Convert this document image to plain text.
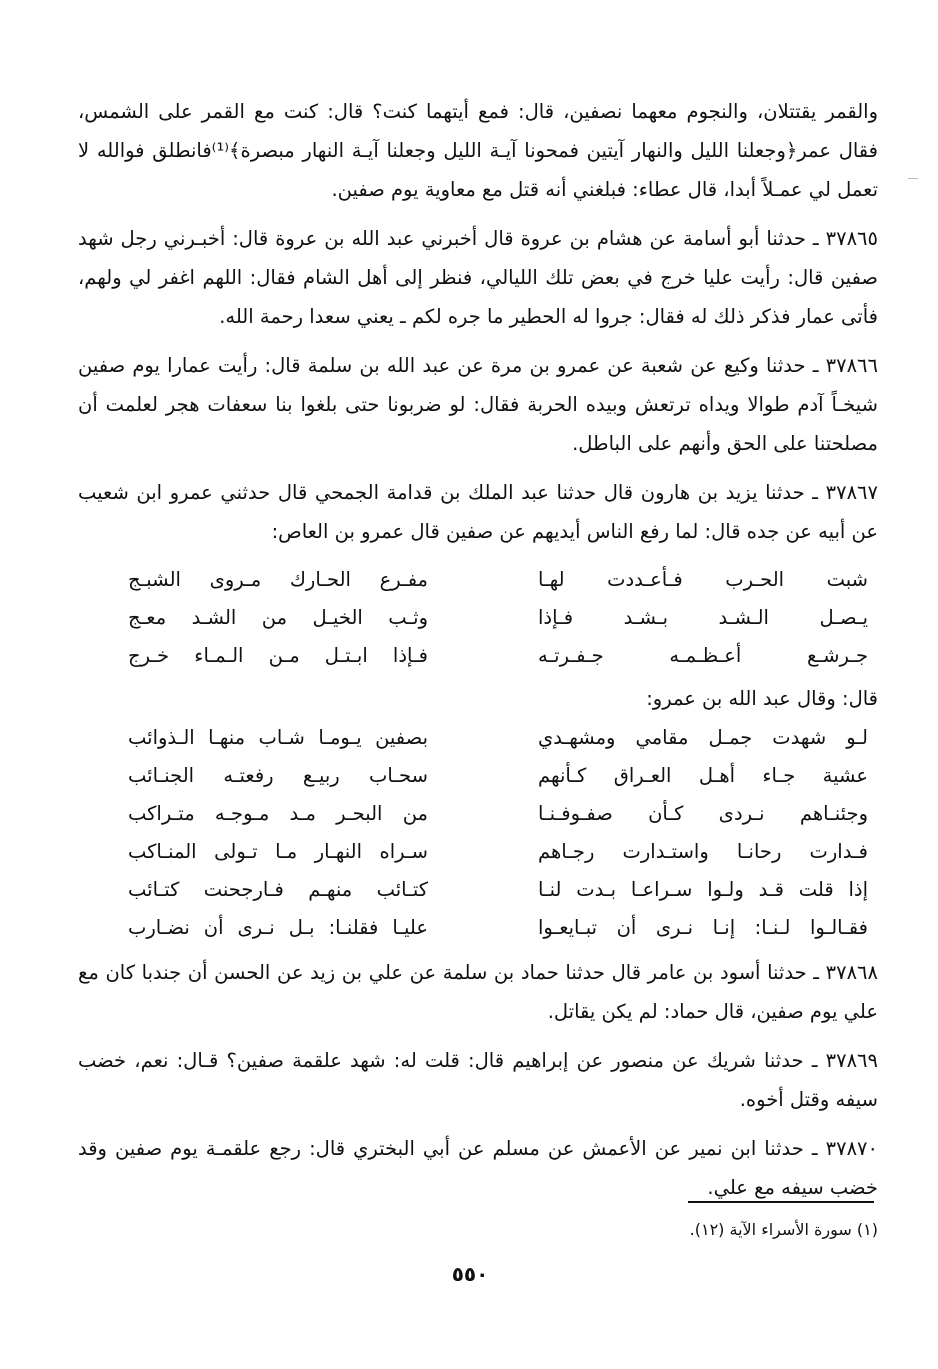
والقمر يقتتلان، والنجوم معهما نصفين، قال: فمع أيتهما كنت؟ قال: كنت مع القمر على الشمس، فقال عمر﴿وجعلنا الليل والنهار آيتين فمحونا آيـة الليل وجعلنا آيـة النهار مبصرة﴾⁽¹⁾فانطلق فوالله لا تعمل لي عمـلاً أبدا، قال عطاء: فبلغني أنه قتل مع معاوية يوم صفين.

٣٧٨٦٥ ـ حدثنا أبو أسامة عن هشام بن عروة قال أخبرني عبد الله بن عروة قال: أخبـرني رجل شهد صفين قال: رأيت عليا خرج في بعض تلك الليالي، فنظر إلى أهل الشام فقال: اللهم اغفر لي ولهم، فأتى عمار فذكر ذلك له فقال: جروا له الحطير ما جره لكم ـ يعني سعدا رحمة الله.

٣٧٨٦٦ ـ حدثنا وكيع عن شعبة عن عمرو بن مرة عن عبد الله بن سلمة قال: رأيت عمارا يوم صفين شيخـاً آدم طوالا ويداه ترتعش وبيده الحربة فقال: لو ضربونا حتى بلغوا بنا سعفات هجر لعلمت أن مصلحتنا على الحق وأنهم على الباطل.

٣٧٨٦٧ ـ حدثنا يزيد بن هارون قال حدثنا عبد الملك بن قدامة الجمحي قال حدثني عمرو ابن شعيب عن أبيه عن جده قال: لما رفع الناس أيديهم عن صفين قال عمرو بن العاص:

شبت الحـرب فـأعـددت لهـا
مفـرع الحـارك مـروى الشبـج
يـصـل الـشـد بـشـد فـإذا
وثـب الخيـل من الشـد معـج
جـرشـع أعـظـمـه جـفـرتـه
فـإذا ابـتـل مـن الـمـاء خـرج

قال: وقال عبد الله بن عمرو:

لـو شهدت جمـل مقامي ومشهـدي
بصفين يـومـا شـاب منهـا الـذوائب
عشية جـاء أهـل العـراق كـأنهم
سحـاب ربيـع رفعتـه الجنـائب
وجئنـاهم نـردى كـأن صفـوفـنـا
من البحـر مـد مـوجـه متـراكب
فـدارت رحانـا واستـدارت رجـاهم
سـراه النهـار مـا تـولى المنـاكب
إذا قلت قـد ولـوا سـراعـا بـدت لنـا
كتـائب منهـم فـارجحنت كتـائب
فقـالـوا لـنـا: إنـا نـرى أن تبـايعـوا
عليـا فقلنـا: بـل نـرى أن نضـارب

٣٧٨٦٨ ـ حدثنا أسود بن عامر قال حدثنا حماد بن سلمة عن علي بن زيد عن الحسن أن جندبا كان مع علي يوم صفين، قال حماد: لم يكن يقاتل.

٣٧٨٦٩ ـ حدثنا شريك عن منصور عن إبراهيم قال: قلت له: شهد علقمة صفين؟ قـال: نعم، خضب سيفه وقتل أخوه.

٣٧٨٧٠ ـ حدثنا ابن نمير عن الأعمش عن مسلم عن أبي البختري قال: رجع علقمـة يوم صفين وقد خضب سيفه مع علي.

(١) سورة الأسراء الآية (١٢).
٥٥٠
